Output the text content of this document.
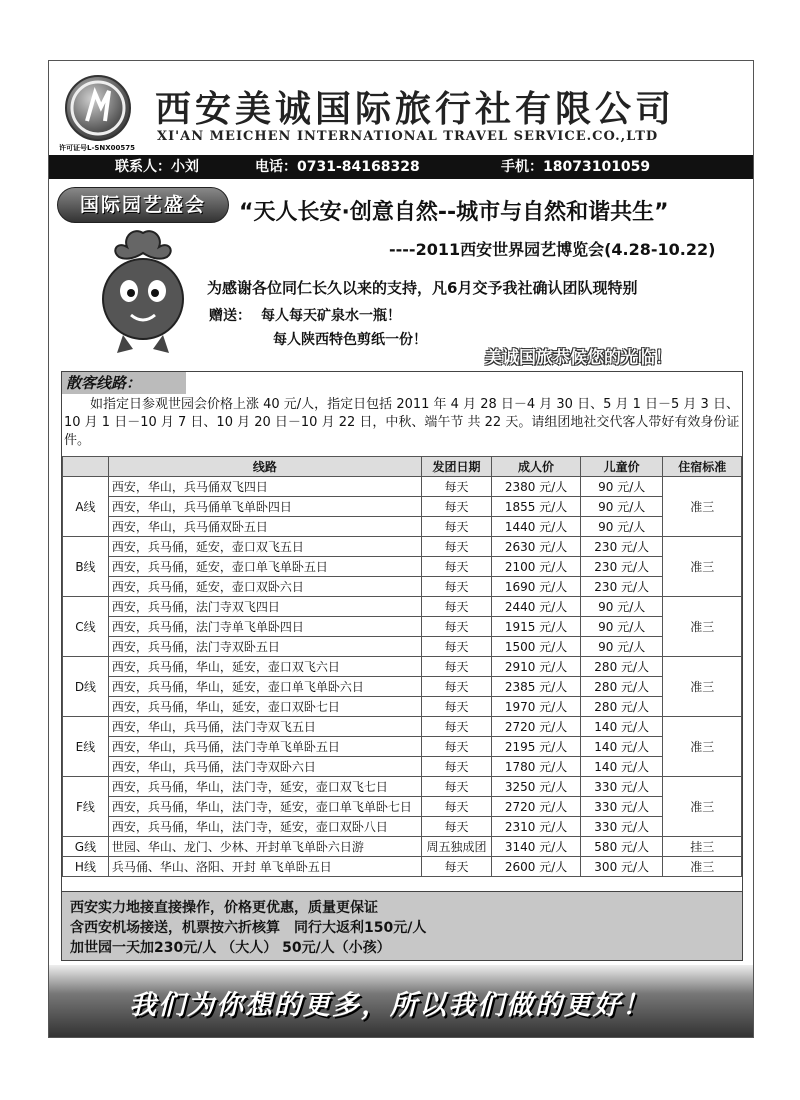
许可证号L-SNX00575
西安美诚国际旅行社有限公司
XI'AN MEICHEN INTERNATIONAL TRAVEL SERVICE.CO.,LTD
联系人：小刘	电话：0731-84168328	手机：18073101059
国际园艺盛会	“天人长安·创意自然--城市与自然和谐共生”
----2011西安世界园艺博览会(4.28-10.22)
为感谢各位同仁长久以来的支持，凡6月交予我社确认团队现特别
赠送： 每人每天矿泉水一瓶！
每人陕西特色剪纸一份！
美诚国旅恭候您的光临！
散客线路：
如指定日参观世园会价格上涨 40 元/人，指定日包括 2011 年 4 月 28 日－4 月 30 日、5 月 1 日－5 月 3 日、10 月 1 日－10 月 7 日、10 月 20 日－10 月 22 日，中秋、端午节 共 22 天。请组团地社交代客人带好有效身份证件。
	线路	发团日期	成人价	儿童价	住宿标准
A线	西安，华山，兵马俑双飞四日	每天	2380 元/人	90 元/人	准三
	西安，华山，兵马俑单飞单卧四日	每天	1855 元/人	90 元/人	
	西安，华山，兵马俑双卧五日	每天	1440 元/人	90 元/人	
B线	西安，兵马俑，延安，壶口双飞五日	每天	2630 元/人	230 元/人	准三
	西安，兵马俑，延安，壶口单飞单卧五日	每天	2100 元/人	230 元/人	
	西安，兵马俑，延安，壶口双卧六日	每天	1690 元/人	230 元/人	
C线	西安，兵马俑，法门寺双飞四日	每天	2440 元/人	90 元/人	准三
	西安，兵马俑，法门寺单飞单卧四日	每天	1915 元/人	90 元/人	
	西安，兵马俑，法门寺双卧五日	每天	1500 元/人	90 元/人	
D线	西安，兵马俑，华山，延安，壶口双飞六日	每天	2910 元/人	280 元/人	准三
	西安，兵马俑，华山，延安，壶口单飞单卧六日	每天	2385 元/人	280 元/人	
	西安，兵马俑，华山，延安，壶口双卧七日	每天	1970 元/人	280 元/人	
E线	西安，华山，兵马俑，法门寺双飞五日	每天	2720 元/人	140 元/人	准三
	西安，华山，兵马俑，法门寺单飞单卧五日	每天	2195 元/人	140 元/人	
	西安，华山，兵马俑，法门寺双卧六日	每天	1780 元/人	140 元/人	
F线	西安，兵马俑，华山，法门寺，延安，壶口双飞七日	每天	3250 元/人	330 元/人	准三
	西安，兵马俑，华山，法门寺，延安，壶口单飞单卧七日	每天	2720 元/人	330 元/人	
	西安，兵马俑，华山，法门寺，延安，壶口双卧八日	每天	2310 元/人	330 元/人	
G线	世园、华山、龙门、少林、开封单飞单卧六日游	周五独成团	3140 元/人	580 元/人	挂三
H线	兵马俑、华山、洛阳、开封 单飞单卧五日	每天	2600 元/人	300 元/人	准三
西安实力地接直接操作，价格更优惠，质量更保证
含西安机场接送，机票按六折核算　同行大返利150元/人
加世园一天加230元/人 （大人） 50元/人（小孩）
我们为你想的更多，所以我们做的更好！
